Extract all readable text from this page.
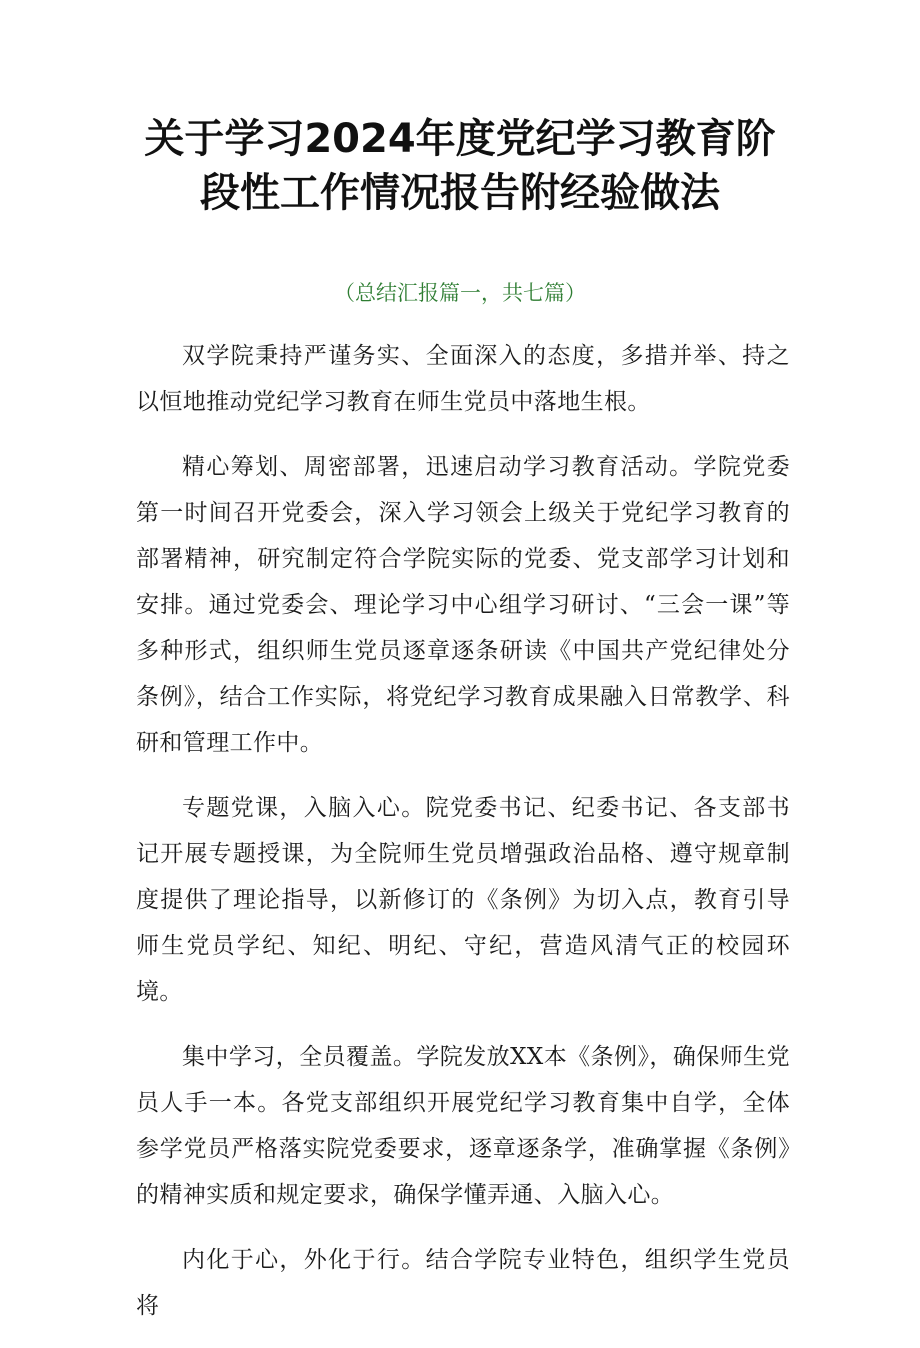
关于学习2024年度党纪学习教育阶段性工作情况报告附经验做法
（总结汇报篇一，共七篇）

双学院秉持严谨务实、全面深入的态度，多措并举、持之以恒地推动党纪学习教育在师生党员中落地生根。

精心筹划、周密部署，迅速启动学习教育活动。学院党委第一时间召开党委会，深入学习领会上级关于党纪学习教育的部署精神，研究制定符合学院实际的党委、党支部学习计划和安排。通过党委会、理论学习中心组学习研讨、“三会一课”等多种形式，组织师生党员逐章逐条研读《中国共产党纪律处分条例》，结合工作实际，将党纪学习教育成果融入日常教学、科研和管理工作中。

专题党课，入脑入心。院党委书记、纪委书记、各支部书记开展专题授课，为全院师生党员增强政治品格、遵守规章制度提供了理论指导，以新修订的《条例》为切入点，教育引导师生党员学纪、知纪、明纪、守纪，营造风清气正的校园环境。

集中学习，全员覆盖。学院发放XX本《条例》，确保师生党员人手一本。各党支部组织开展党纪学习教育集中自学，全体参学党员严格落实院党委要求，逐章逐条学，准确掌握《条例》的精神实质和规定要求，确保学懂弄通、入脑入心。

内化于心，外化于行。结合学院专业特色，组织学生党员将
